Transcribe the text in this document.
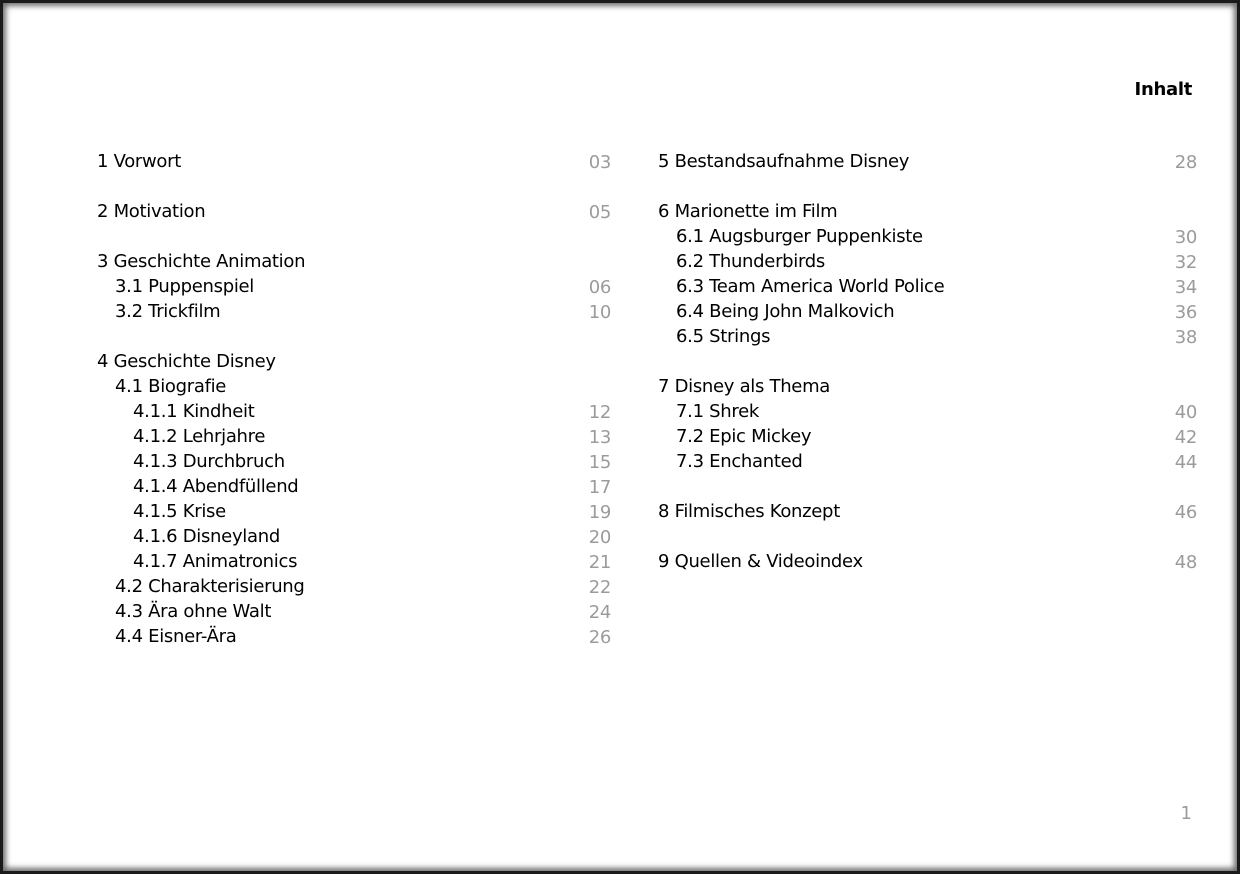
Inhalt
1 Vorwort	03
2 Motivation	05
3 Geschichte Animation
3.1 Puppenspiel	06
3.2 Trickfilm	10
4 Geschichte Disney
4.1 Biografie
4.1.1 Kindheit	12
4.1.2 Lehrjahre	13
4.1.3 Durchbruch	15
4.1.4 Abendfüllend	17
4.1.5 Krise	19
4.1.6 Disneyland	20
4.1.7 Animatronics	21
4.2 Charakterisierung	22
4.3 Ära ohne Walt	24
4.4 Eisner-Ära	26
5 Bestandsaufnahme Disney	28
6 Marionette im Film
6.1 Augsburger Puppenkiste	30
6.2 Thunderbirds	32
6.3 Team America World Police	34
6.4 Being John Malkovich	36
6.5 Strings	38
7 Disney als Thema
7.1 Shrek	40
7.2 Epic Mickey	42
7.3 Enchanted	44
8 Filmisches Konzept	46
9 Quellen & Videoindex	48
1
